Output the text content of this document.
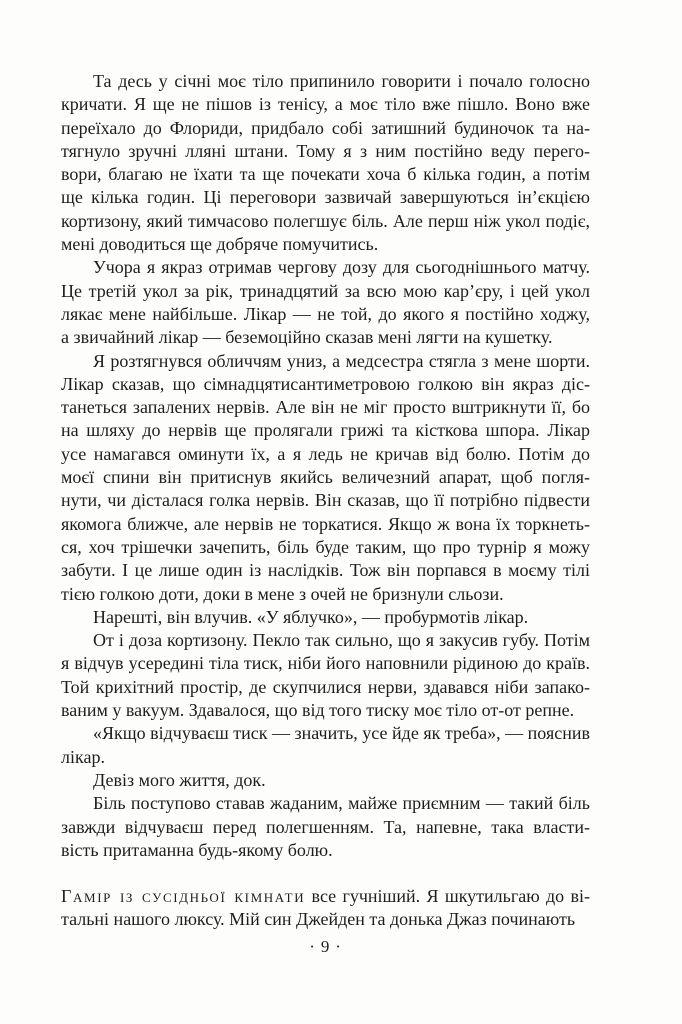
Та десь у січні моє тіло припинило говорити і почало голосно
кричати. Я ще не пішов із тенісу, а моє тіло вже пішло. Воно вже
переїхало до Флориди, придбало собі затишний будиночок та на-
тягнуло зручні лляні штани. Тому я з ним постійно веду перего-
вори, благаю не їхати та ще почекати хоча б кілька годин, а потім
ще кілька годин. Ці переговори зазвичай завершуються ін’єкцією
кортизону, який тимчасово полегшує біль. Але перш ніж укол подіє,
мені доводиться ще добряче помучитись.
Учора я якраз отримав чергову дозу для сьогоднішнього матчу.
Це третій укол за рік, тринадцятий за всю мою кар’єру, і цей укол
лякає мене найбільше. Лікар — не той, до якого я постійно ходжу,
а звичайний лікар — беземоційно сказав мені лягти на кушетку.
Я розтягнувся обличчям униз, а медсестра стягла з мене шорти.
Лікар сказав, що сімнадцятисантиметровою голкою він якраз діс-
танеться запалених нервів. Але він не міг просто вштрикнути її, бо
на шляху до нервів ще пролягали грижі та кісткова шпора. Лікар
усе намагався оминути їх, а я ледь не кричав від болю. Потім до
моєї спини він притиснув якийсь величезний апарат, щоб погля-
нути, чи дісталася голка нервів. Він сказав, що її потрібно підвести
якомога ближче, але нервів не торкатися. Якщо ж вона їх торкнеть-
ся, хоч трішечки зачепить, біль буде таким, що про турнір я можу
забути. І це лише один із наслідків. Тож він порпався в моєму тілі
тією голкою доти, доки в мене з очей не бризнули сльози.
Нарешті, він влучив. «У яблучко», — пробурмотів лікар.
От і доза кортизону. Пекло так сильно, що я закусив губу. Потім
я відчув усередині тіла тиск, ніби його наповнили рідиною до країв.
Той крихітний простір, де скупчилися нерви, здавався ніби запако-
ваним у вакуум. Здавалося, що від того тиску моє тіло от-от репне.
«Якщо відчуваєш тиск — значить, усе йде як треба», — пояснив
лікар.
Девіз мого життя, док.
Біль поступово ставав жаданим, майже приємним — такий біль
завжди відчуваєш перед полегшенням. Та, напевне, така власти-
вість притаманна будь-якому болю.
Гамір із сусідньої кімнати все гучніший. Я шкутильгаю до ві-
тальні нашого люксу. Мій син Джейден та донька Джаз починають
· 9 ·
